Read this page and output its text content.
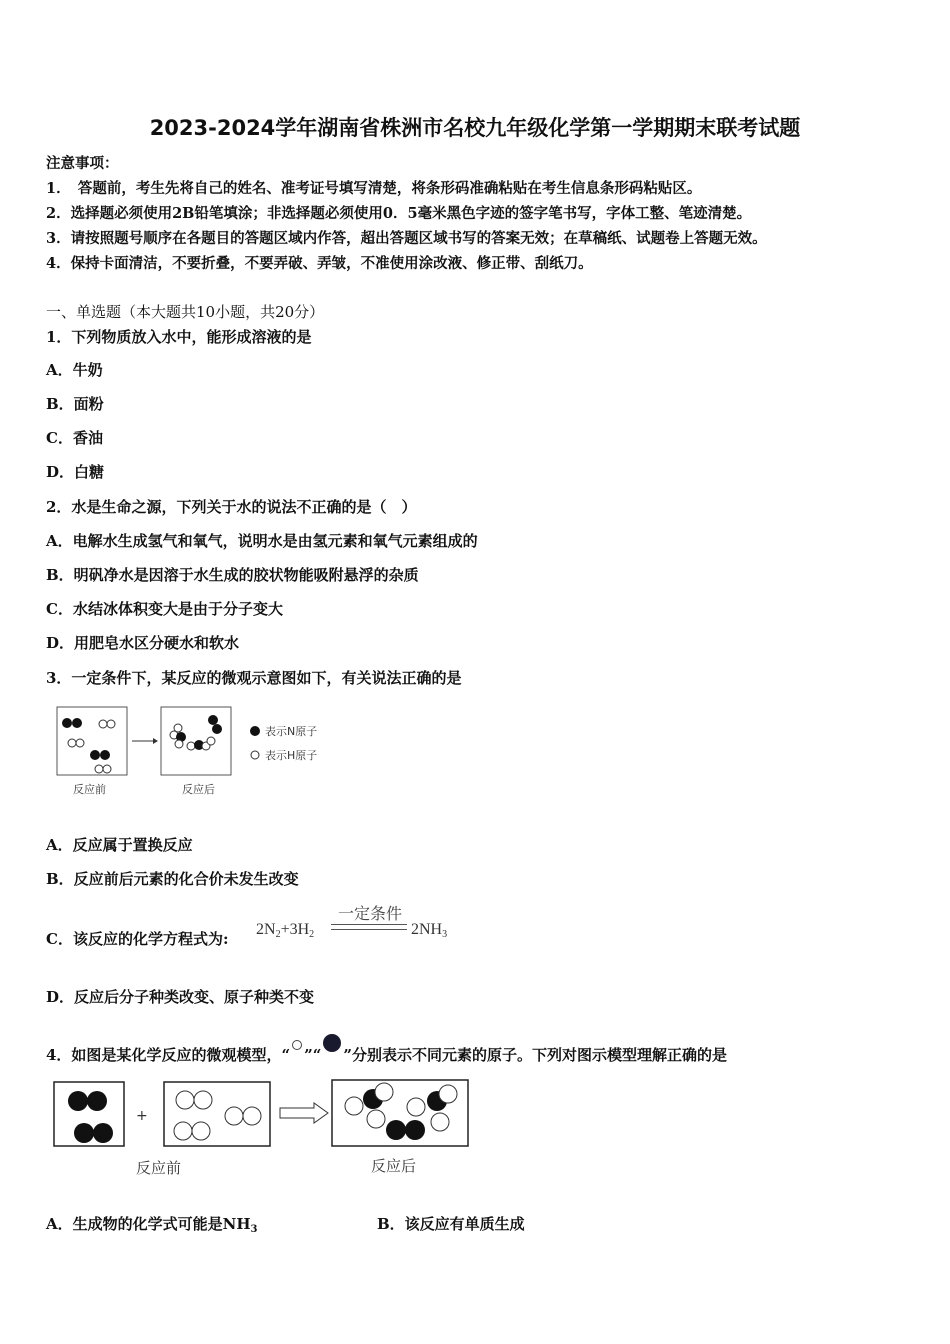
2023-2024学年湖南省株洲市名校九年级化学第一学期期末联考试题
注意事项：
1．　答题前，考生先将自己的姓名、准考证号填写清楚，将条形码准确粘贴在考生信息条形码粘贴区。
2．选择题必须使用2B铅笔填涂；非选择题必须使用0．5毫米黑色字迹的签字笔书写，字体工整、笔迹清楚。
3．请按照题号顺序在各题目的答题区域内作答，超出答题区域书写的答案无效；在草稿纸、试题卷上答题无效。
4．保持卡面清洁，不要折叠，不要弄破、弄皱，不准使用涂改液、修正带、刮纸刀。
一、单选题（本大题共10小题，共20分）
1．下列物质放入水中，能形成溶液的是
A．牛奶
B．面粉
C．香油
D．白糖
2．水是生命之源，下列关于水的说法不正确的是（　）
A．电解水生成氢气和氧气，说明水是由氢元素和氧气元素组成的
B．明矾净水是因溶于水生成的胶状物能吸附悬浮的杂质
C．水结冰体积变大是由于分子变大
D．用肥皂水区分硬水和软水
3．一定条件下，某反应的微观示意图如下，有关说法正确的是
表示N原子
表示H原子
反应前	反应后
A．反应属于置换反应
B．反应前后元素的化合价未发生改变
C．该反应的化学方程式为:
$2N_2+3H_2$
一定条件
$2NH_3$
D．反应后分子种类改变、原子种类不变
4．如图是某化学反应的微观模型，“ ”“ ”分别表示不同元素的原子。下列对图示模型理解正确的是
+
反应前	反应后
A．生成物的化学式可能是$NH_3$	B．该反应有单质生成
